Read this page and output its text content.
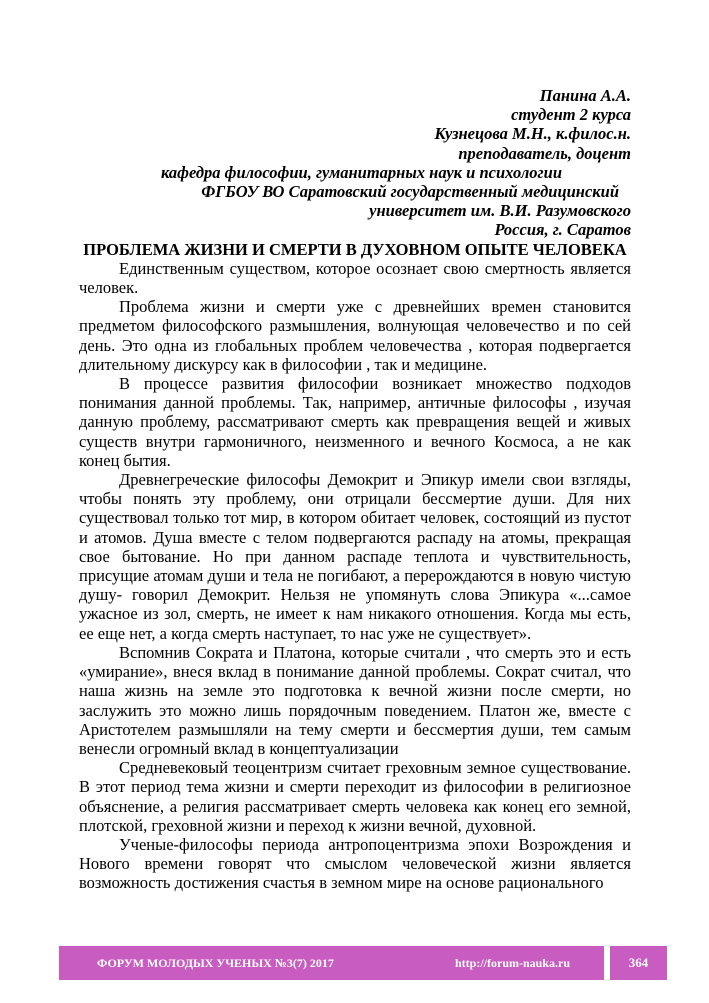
Панина А.А.
студент 2 курса
Кузнецова М.Н., к.филос.н.
преподаватель, доцент
кафедра философии, гуманитарных наук и психологии
ФГБОУ ВО Саратовский государственный медицинский
университет им. В.И. Разумовского
Россия, г. Саратов
ПРОБЛЕМА ЖИЗНИ И СМЕРТИ В ДУХОВНОМ ОПЫТЕ ЧЕЛОВЕКА

Единственным существом, которое осознает свою смертность является человек.

Проблема жизни и смерти уже с древнейших времен становится предметом философского размышления, волнующая человечество и по сей день. Это одна из глобальных проблем человечества , которая подвергается длительному дискурсу как в философии , так и медицине.

В процессе развития философии возникает множество подходов понимания данной проблемы. Так, например, античные философы , изучая данную проблему, рассматривают смерть как превращения вещей и живых существ внутри гармоничного, неизменного и вечного Космоса, а не как конец бытия.

Древнегреческие философы Демокрит и Эпикур имели свои взгляды, чтобы понять эту проблему, они отрицали бессмертие души. Для них существовал только тот мир, в котором обитает человек, состоящий из пустот и атомов. Душа вместе с телом подвергаются распаду на атомы, прекращая свое бытование. Но при данном распаде теплота и чувствительность, присущие атомам души и тела не погибают, а перерождаются в новую чистую душу- говорил Демокрит. Нельзя не упомянуть слова Эпикура «...самое ужасное из зол, смерть, не имеет к нам никакого отношения. Когда мы есть, ее еще нет, а когда смерть наступает, то нас уже не существует».

Вспомнив Сократа и Платона, которые считали , что смерть это и есть «умирание», внеся вклад в понимание данной проблемы. Сократ считал, что наша жизнь на земле это подготовка к вечной жизни после смерти, но заслужить это можно лишь порядочным поведением. Платон же, вместе с Аристотелем размышляли на тему смерти и бессмертия души, тем самым венесли огромный вклад в концептуализации

Средневековый теоцентризм считает греховным земное существование. В этот период тема жизни и смерти переходит из философии в религиозное объяснение, а религия рассматривает смерть человека как конец его земной, плотской, греховной жизни и переход к жизни вечной, духовной.

Ученые-философы периода антропоцентризма эпохи Возрождения и Нового времени говорят что смыслом человеческой жизни является возможность достижения счастья в земном мире на основе рационального

ФОРУМ МОЛОДЫХ УЧЕНЫХ №3(7) 2017	http://forum-nauka.ru	364
